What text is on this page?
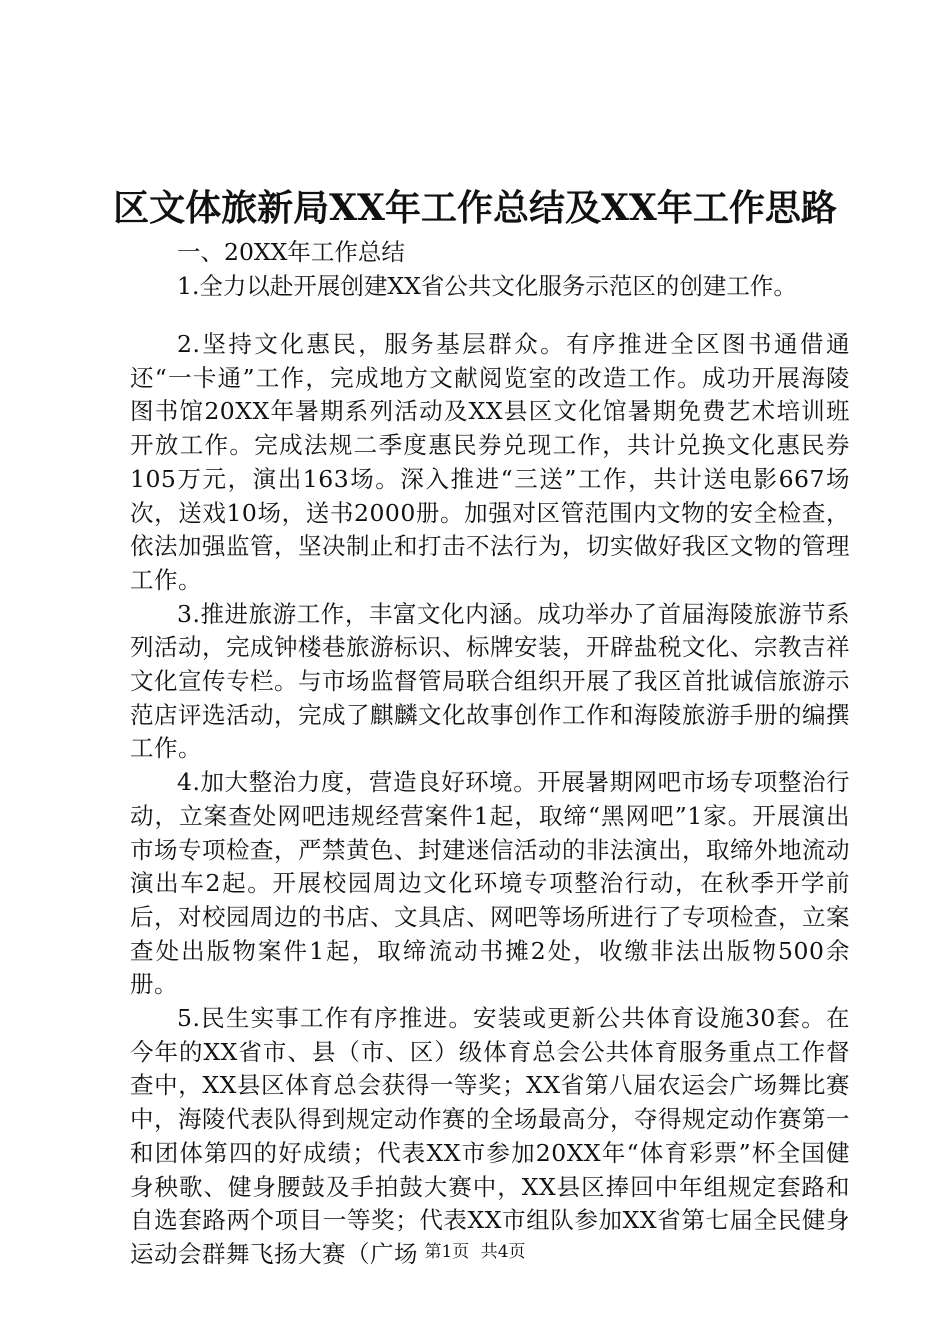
区文体旅新局XX年工作总结及XX年工作思路
一、20XX年工作总结
1.全力以赴开展创建XX省公共文化服务示范区的创建工作。

2.坚持文化惠民，服务基层群众。有序推进全区图书通借通还“一卡通”工作，完成地方文献阅览室的改造工作。成功开展海陵图书馆20XX年暑期系列活动及XX县区文化馆暑期免费艺术培训班开放工作。完成法规二季度惠民券兑现工作，共计兑换文化惠民券105万元，演出163场。深入推进“三送”工作，共计送电影667场次，送戏10场，送书2000册。加强对区管范围内文物的安全检查，依法加强监管，坚决制止和打击不法行为，切实做好我区文物的管理工作。

3.推进旅游工作，丰富文化内涵。成功举办了首届海陵旅游节系列活动，完成钟楼巷旅游标识、标牌安装，开辟盐税文化、宗教吉祥文化宣传专栏。与市场监督管局联合组织开展了我区首批诚信旅游示范店评选活动，完成了麒麟文化故事创作工作和海陵旅游手册的编撰工作。

4.加大整治力度，营造良好环境。开展暑期网吧市场专项整治行动，立案查处网吧违规经营案件1起，取缔“黑网吧”1家。开展演出市场专项检查，严禁黄色、封建迷信活动的非法演出，取缔外地流动演出车2起。开展校园周边文化环境专项整治行动，在秋季开学前后，对校园周边的书店、文具店、网吧等场所进行了专项检查，立案查处出版物案件1起，取缔流动书摊2处，收缴非法出版物500余册。

5.民生实事工作有序推进。安装或更新公共体育设施30套。在今年的XX省市、县（市、区）级体育总会公共体育服务重点工作督查中，XX县区体育总会获得一等奖；XX省第八届农运会广场舞比赛中，海陵代表队得到规定动作赛的全场最高分，夺得规定动作赛第一和团体第四的好成绩；代表XX市参加20XX年“体育彩票”杯全国健身秧歌、健身腰鼓及手拍鼓大赛中，XX县区捧回中年组规定套路和自选套路两个项目一等奖；代表XX市组队参加XX省第七届全民健身运动会群舞飞扬大赛（广场 第1页 共4页
